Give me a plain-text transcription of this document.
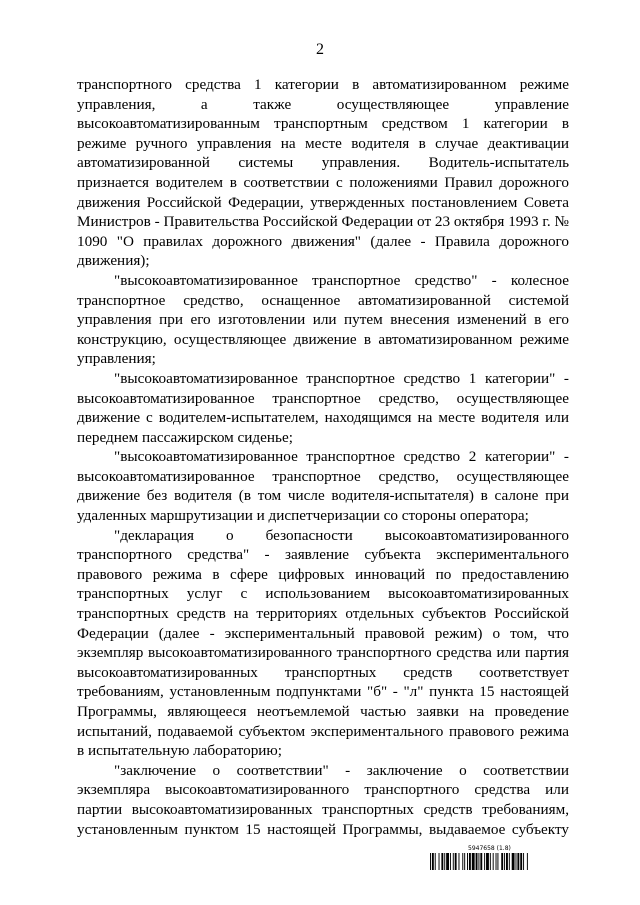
2

транспортного средства 1 категории в автоматизированном режиме управления, а также осуществляющее управление высокоавтоматизированным транспортным средством 1 категории в режиме ручного управления на месте водителя в случае деактивации автоматизированной системы управления. Водитель-испытатель признается водителем в соответствии с положениями Правил дорожного движения Российской Федерации, утвержденных постановлением Совета Министров - Правительства Российской Федерации от 23 октября 1993 г. № 1090 "О правилах дорожного движения" (далее - Правила дорожного движения);

"высокоавтоматизированное транспортное средство" - колесное транспортное средство, оснащенное автоматизированной системой управления при его изготовлении или путем внесения изменений в его конструкцию, осуществляющее движение в автоматизированном режиме управления;

"высокоавтоматизированное транспортное средство 1 категории" - высокоавтоматизированное транспортное средство, осуществляющее движение с водителем-испытателем, находящимся на месте водителя или переднем пассажирском сиденье;

"высокоавтоматизированное транспортное средство 2 категории" - высокоавтоматизированное транспортное средство, осуществляющее движение без водителя (в том числе водителя-испытателя) в салоне при удаленных маршрутизации и диспетчеризации со стороны оператора;

"декларация о безопасности высокоавтоматизированного транспортного средства" - заявление субъекта экспериментального правового режима в сфере цифровых инноваций по предоставлению транспортных услуг с использованием высокоавтоматизированных транспортных средств на территориях отдельных субъектов Российской Федерации (далее - экспериментальный правовой режим) о том, что экземпляр высокоавтоматизированного транспортного средства или партия высокоавтоматизированных транспортных средств соответствует требованиям, установленным подпунктами "б" - "л" пункта 15 настоящей Программы, являющееся неотъемлемой частью заявки на проведение испытаний, подаваемой субъектом экспериментального правового режима в испытательную лабораторию;

"заключение о соответствии" - заключение о соответствии экземпляра высокоавтоматизированного транспортного средства или партии высокоавтоматизированных транспортных средств требованиям, установленным пунктом 15 настоящей Программы, выдаваемое субъекту

5947658 (1.8)
